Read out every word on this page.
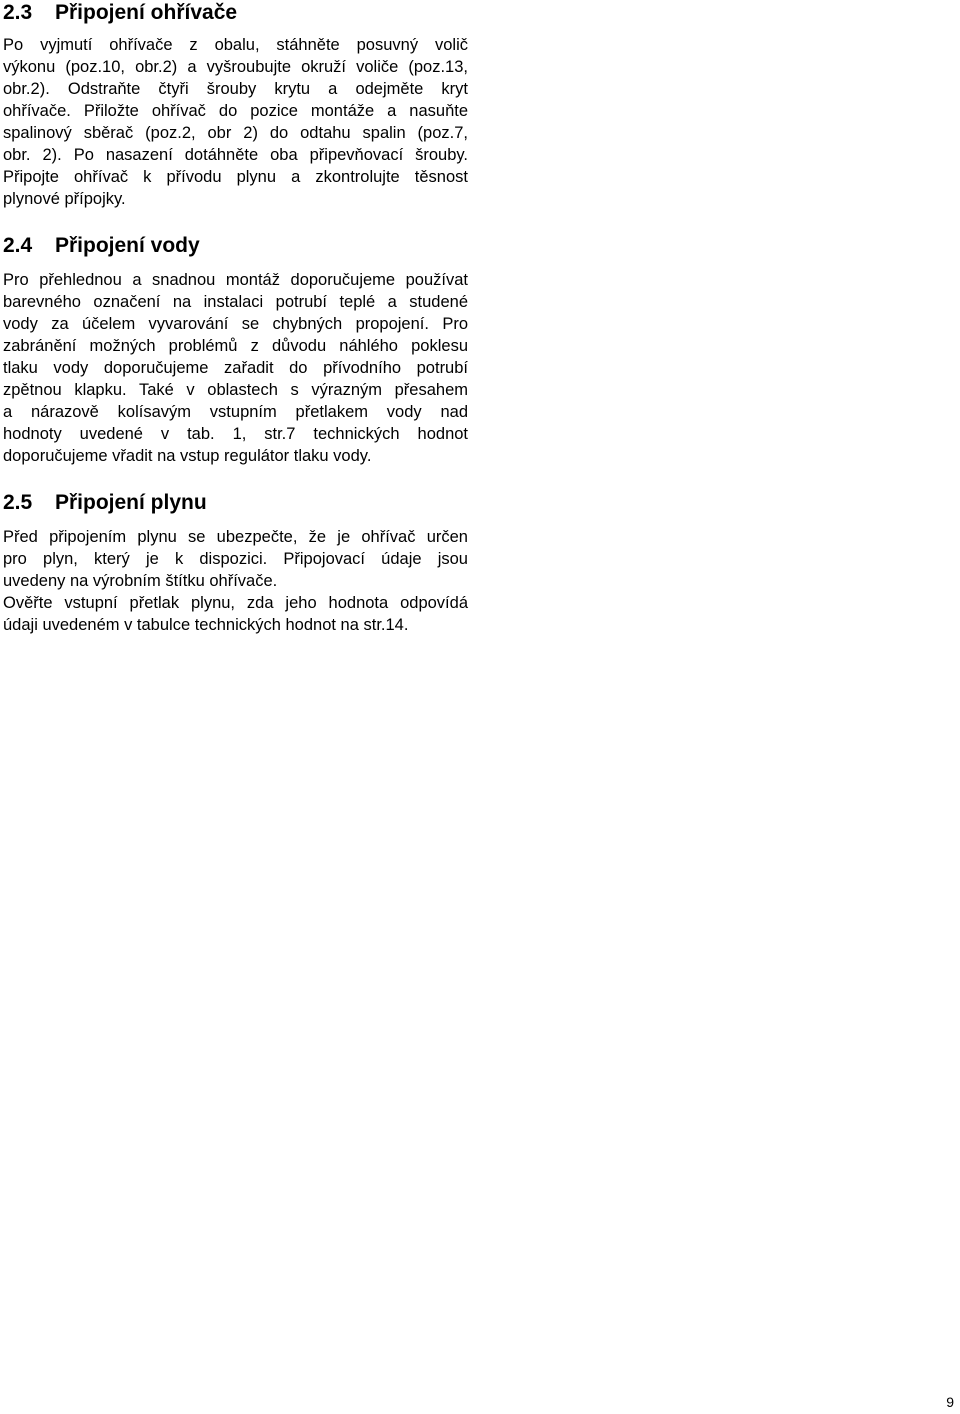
2.3 Připojení ohřívače

Po vyjmutí ohřívače z obalu, stáhněte posuvný volič
výkonu (poz.10, obr.2) a vyšroubujte okruží voliče (poz.13,
obr.2). Odstraňte čtyři šrouby krytu a odejměte kryt
ohřívače. Přiložte ohřívač do pozice montáže a nasuňte
spalinový sběrač (poz.2, obr 2) do odtahu spalin (poz.7,
obr. 2). Po nasazení dotáhněte oba připevňovací šrouby.
Připojte ohřívač k přívodu plynu a zkontrolujte těsnost
plynové přípojky.

2.4 Připojení vody

Pro přehlednou a snadnou montáž doporučujeme používat
barevného označení na instalaci potrubí teplé a studené
vody za účelem vyvarování se chybných propojení. Pro
zabránění možných problémů z důvodu náhlého poklesu
tlaku vody doporučujeme zařadit do přívodního potrubí
zpětnou klapku. Také v oblastech s výrazným přesahem
a nárazově kolísavým vstupním přetlakem vody nad
hodnoty uvedené v tab. 1, str.7 technických hodnot
doporučujeme vřadit na vstup regulátor tlaku vody.

2.5 Připojení plynu

Před připojením plynu se ubezpečte, že je ohřívač určen
pro plyn, který je k dispozici. Připojovací údaje jsou
uvedeny na výrobním štítku ohřívače.

Ověřte vstupní přetlak plynu, zda jeho hodnota odpovídá
údaji uvedeném v tabulce technických hodnot na str.14.

9
